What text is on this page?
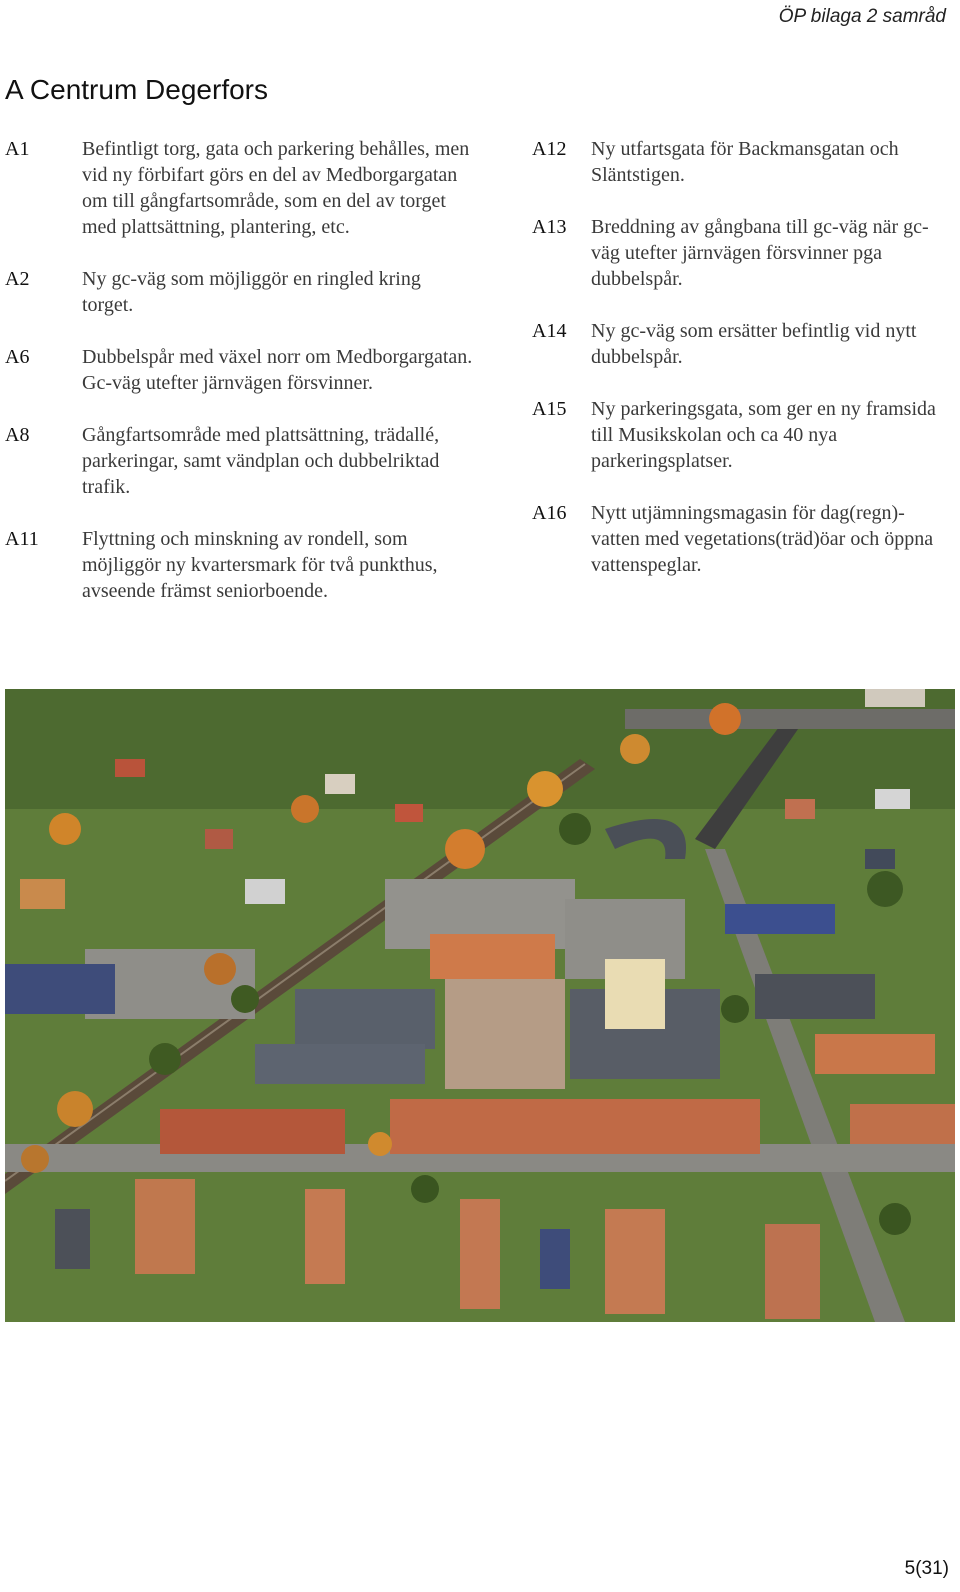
ÖP bilaga 2 samråd
A Centrum Degerfors
A1	Befintligt torg, gata och parkering behålles, men vid ny förbifart görs en del av Medborgargatan om till gångfartsområde, som en del av torget med plattsättning, plantering, etc.
A2	Ny gc-väg som möjliggör en ringled kring torget.
A6	Dubbelspår med växel norr om Medborgargatan. Gc-väg utefter järnvägen försvinner.
A8	Gångfartsområde med plattsättning, trädallé, parkeringar, samt vändplan och dubbelriktad trafik.
A11	Flyttning och minskning av rondell, som möjliggör ny kvartersmark för två punkthus, avseende främst seniorboende.
A12	Ny utfartsgata för Backmansgatan och Släntstigen.
A13	Breddning av gångbana till gc-väg när gc-väg utefter järnvägen försvinner pga dubbelspår.
A14	Ny gc-väg som ersätter befintlig vid nytt dubbelspår.
A15	Ny parkeringsgata, som ger en ny framsida till Musikskolan och ca 40 nya parkeringsplatser.
A16	Nytt utjämningsmagasin för dag(regn)-vatten med vegetations(träd)öar och öppna vattenspeglar.
5(31)
